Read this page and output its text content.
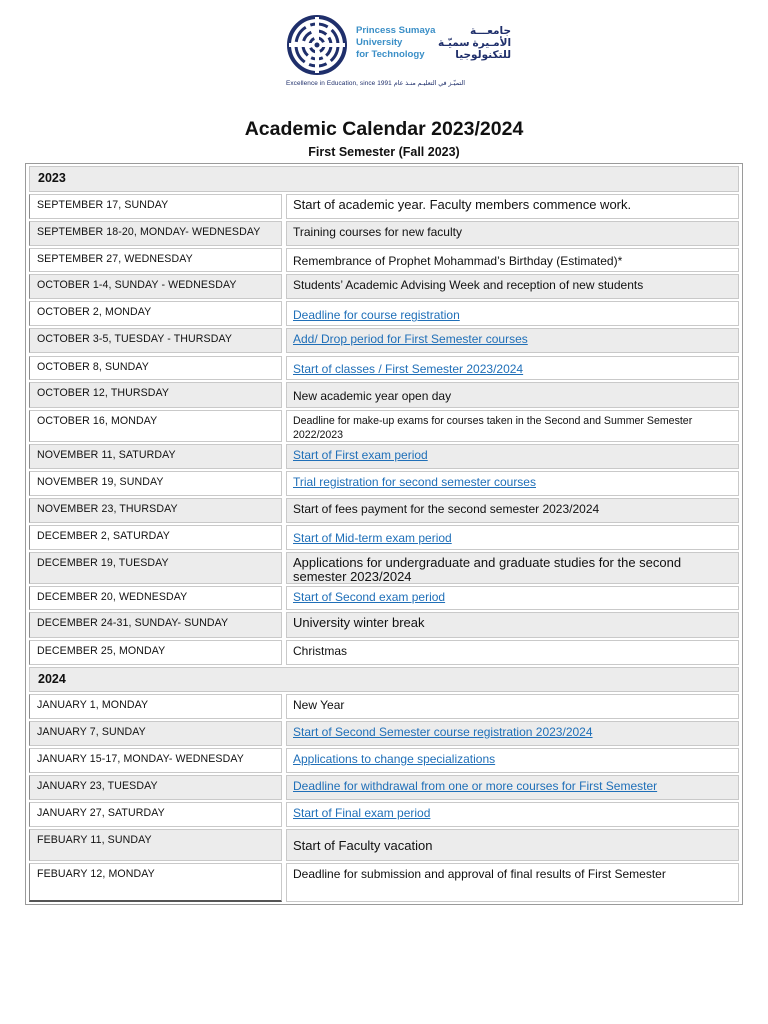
Princess Sumaya
University
for Technology
جامعـــة
الأمـيرة سميّـة
للتكنولوجيا
Excellence in Education, since 1991 التميّـز في التعليـم منـذ عام
Academic Calendar 2023/2024
First Semester (Fall 2023)
2023
SEPTEMBER 17, SUNDAY	Start of academic year. Faculty members commence work.
SEPTEMBER 18-20, MONDAY- WEDNESDAY	Training courses for new faculty
SEPTEMBER 27, WEDNESDAY	Remembrance of Prophet Mohammad’s Birthday (Estimated)*
OCTOBER 1-4, SUNDAY - WEDNESDAY	Students’ Academic Advising Week and reception of new students
OCTOBER 2, MONDAY	Deadline for course registration
OCTOBER 3-5, TUESDAY - THURSDAY	Add/ Drop period for First Semester courses
OCTOBER 8, SUNDAY	Start of classes / First Semester 2023/2024
OCTOBER 12, THURSDAY	New academic year open day
OCTOBER 16, MONDAY	Deadline for make-up exams for courses taken in the Second and Summer Semester 2022/2023
NOVEMBER 11, SATURDAY	Start of First exam period
NOVEMBER 19, SUNDAY	Trial registration for second semester courses
NOVEMBER 23, THURSDAY	Start of fees payment for the second semester 2023/2024
DECEMBER 2, SATURDAY	Start of Mid-term exam period
DECEMBER 19, TUESDAY	Applications for undergraduate and graduate studies for the second semester 2023/2024
DECEMBER 20, WEDNESDAY	Start of Second exam period
DECEMBER 24-31, SUNDAY- SUNDAY	University winter break
DECEMBER 25, MONDAY	Christmas
2024
JANUARY 1, MONDAY	New Year
JANUARY 7, SUNDAY	Start of Second Semester course registration 2023/2024
JANUARY 15-17, MONDAY- WEDNESDAY	Applications to change specializations
JANUARY 23, TUESDAY	Deadline for withdrawal from one or more courses for First Semester
JANUARY 27, SATURDAY	Start of Final exam period
FEBUARY 11, SUNDAY	Start of Faculty vacation
FEBUARY 12, MONDAY	Deadline for submission and approval of final results of First Semester
